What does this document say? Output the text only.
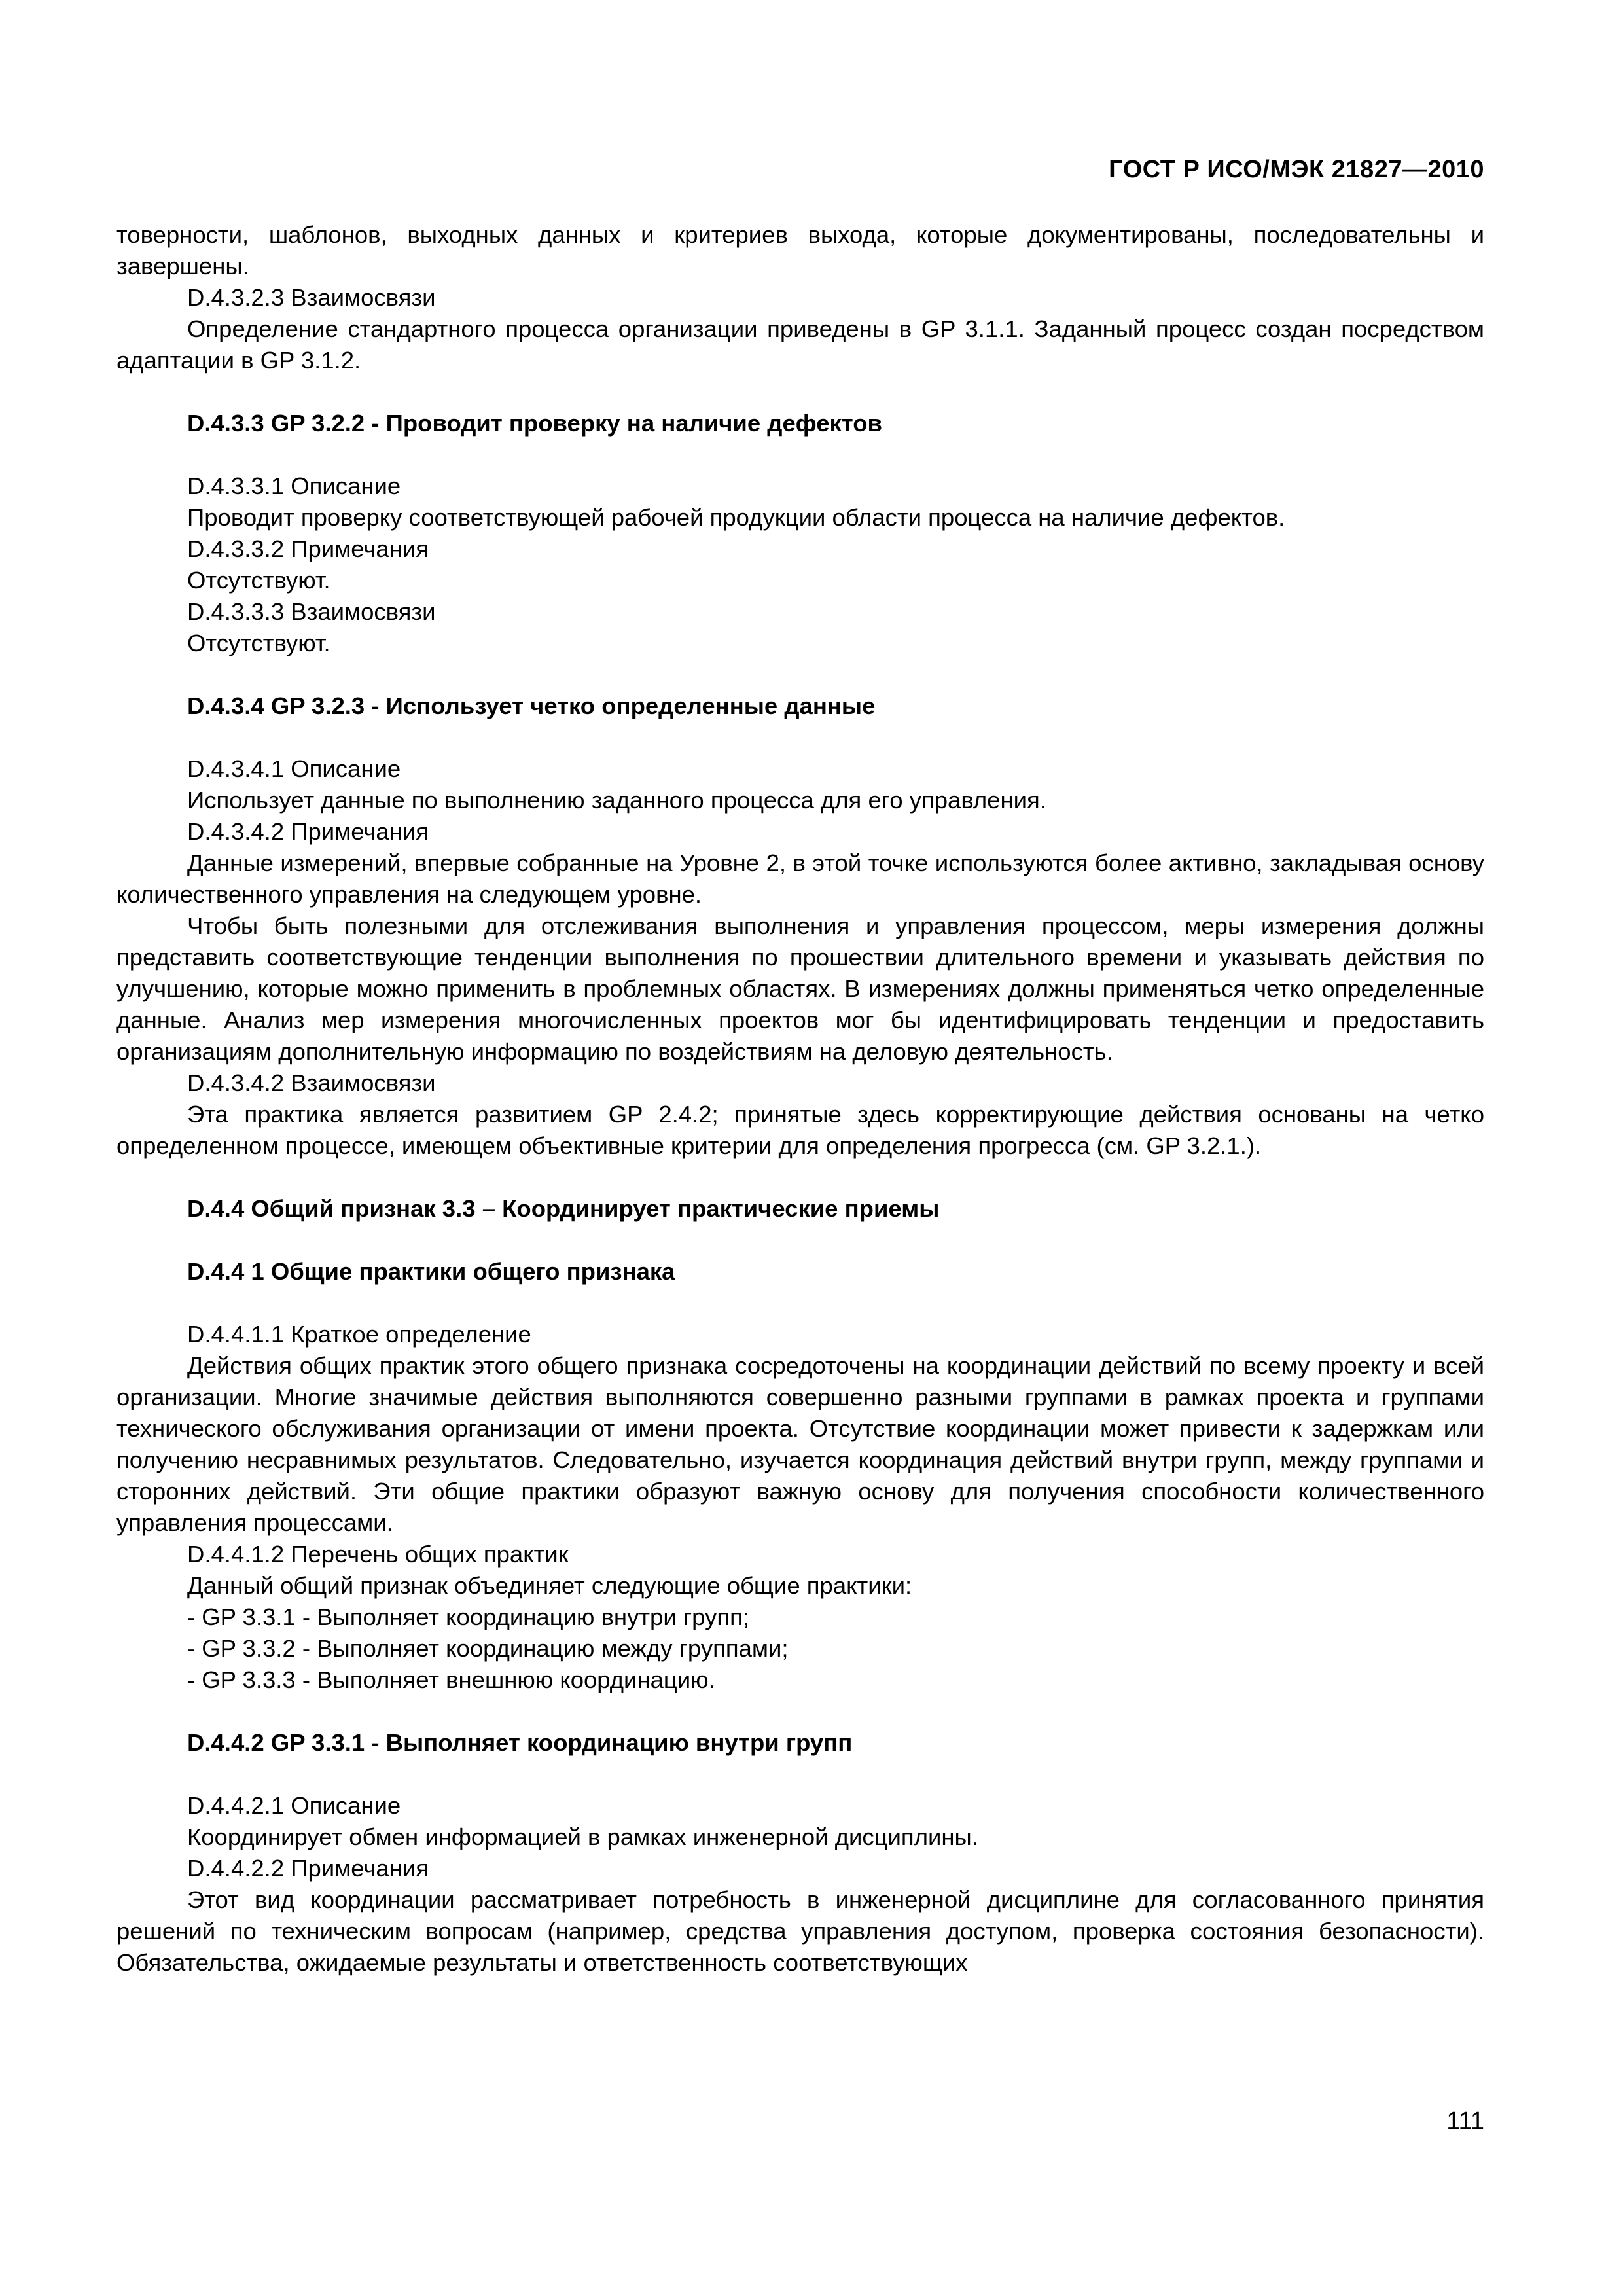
ГОСТ Р ИСО/МЭК 21827—2010

товерности, шаблонов, выходных данных и критериев выхода, которые документированы, последовательны и завершены.

D.4.3.2.3 Взаимосвязи

Определение стандартного процесса организации приведены в GP 3.1.1. Заданный процесс создан посредством адаптации в GP 3.1.2.

D.4.3.3 GP 3.2.2 - Проводит проверку на наличие дефектов

D.4.3.3.1 Описание

Проводит проверку соответствующей рабочей продукции области процесса на наличие дефектов.

D.4.3.3.2 Примечания

Отсутствуют.

D.4.3.3.3 Взаимосвязи

Отсутствуют.

D.4.3.4 GP 3.2.3 - Использует четко определенные данные

D.4.3.4.1 Описание

Использует данные по выполнению заданного процесса для его управления.

D.4.3.4.2 Примечания

Данные измерений, впервые собранные на Уровне 2, в этой точке используются более активно, закладывая основу количественного управления на следующем уровне.

Чтобы быть полезными для отслеживания выполнения и управления процессом, меры измерения должны представить соответствующие тенденции выполнения по прошествии длительного времени и указывать действия по улучшению, которые можно применить в проблемных областях. В измерениях должны применяться четко определенные данные. Анализ мер измерения многочисленных проектов мог бы идентифицировать тенденции и предоставить организациям дополнительную информацию по воздействиям на деловую деятельность.

D.4.3.4.2 Взаимосвязи

Эта практика является развитием GP 2.4.2; принятые здесь корректирующие действия основаны на четко определенном процессе, имеющем объективные критерии для определения прогресса (см. GP 3.2.1.).

D.4.4 Общий признак 3.3 – Координирует практические приемы

D.4.4 1 Общие практики общего признака

D.4.4.1.1 Краткое определение

Действия общих практик этого общего признака сосредоточены на координации действий по всему проекту и всей организации. Многие значимые действия выполняются совершенно разными группами в рамках проекта и группами технического обслуживания организации от имени проекта. Отсутствие координации может привести к задержкам или получению несравнимых результатов. Следовательно, изучается координация действий внутри групп, между группами и сторонних действий. Эти общие практики образуют важную основу для получения способности количественного управления процессами.

D.4.4.1.2 Перечень общих практик

Данный общий признак объединяет следующие общие практики:

- GP 3.3.1 - Выполняет координацию внутри групп;

- GP 3.3.2 - Выполняет координацию между группами;

- GP 3.3.3 - Выполняет внешнюю координацию.

D.4.4.2 GP 3.3.1 - Выполняет координацию внутри групп

D.4.4.2.1 Описание

Координирует обмен информацией в рамках инженерной дисциплины.

D.4.4.2.2 Примечания

Этот вид координации рассматривает потребность в инженерной дисциплине для согласованного принятия решений по техническим вопросам (например, средства управления доступом, проверка состояния безопасности). Обязательства, ожидаемые результаты и ответственность соответствующих

111
